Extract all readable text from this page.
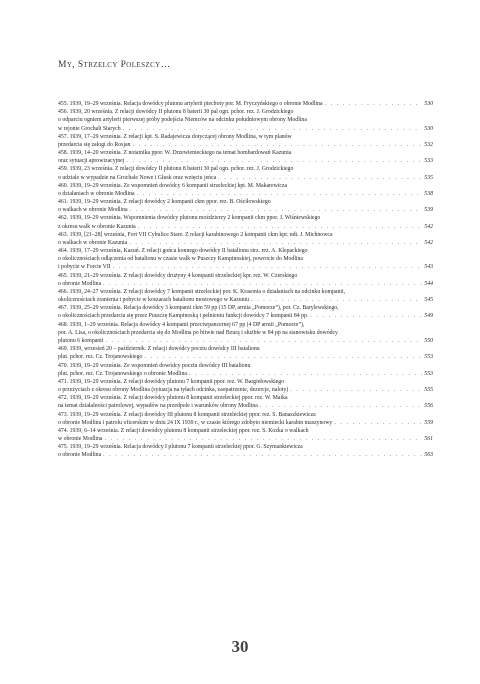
My, Strzelcy Poleszcy…
455. 1939, 19–29 września. Relacja dowódcy plutonu artylerii piechoty por. M. Fryczyńskiego o obronie Modlina . . .	530
456. 1939, 20 września. Z relacji dowódcy II plutonu 8 baterii 30 pal ogn. pchor. rez. J. Grodzickiego
o odparciu ogniem artylerii pierwszej próby podejścia Niemców na odcinku południowym obrony Modlina
w rejonie Grochali Starych . . .	530
457. 1939, 17–29 września. Z relacji kpt. S. Radajewicza dotyczącej obrony Modlina, w tym planów
przedarcia się załogi do Rosjan . . .	532
458. 1939, 14–20 września. Z notatnika ppor. W. Drzewienieckiego na temat bombardowań Kazunia
oraz sytuacji aprowizacyjnej . . .	533
459. 1939, 23 września. Z relacji dowódcy II plutonu 8 baterii 30 pal ogn. pchor. rez. J. Grodzickiego
o udziale w wypadzie na Grochale Nowe i Głusk oraz wzięciu jeńca . . .	535
460. 1939, 19–29 września. Ze wspomnień dowódcy 6 kompanii strzeleckiej kpt. M. Makarewicza
o działaniach w obronie Modlina . . .	538
461. 1939, 19–29 września. Z relacji dowódcy 2 kompanii ckm ppor. rez. B. Ościłowskiego
o walkach w obronie Modlina . . .	539
462. 1939, 19–29 września. Wspomnienia dowódcy plutonu moździerzy 2 kompanii ckm ppor. J. Wiśniewskiego
z okresu walk w obronie Kazunia . . .	542
463. 1939, [21–28] września, Fort VII Cybulice Stare. Z relacji karabinowego 2 kompanii ckm kpr. ndt. J. Michnowca
o walkach w obronie Kazunia . . .	542
464. 1939, 17–29 września, Kazuń. Z relacji gońca konnego dowódcy II batalionu strz. rez. A. Klepackiego
o okolicznościach odłączenia od batalionu w czasie walk w Puszczy Kampinoskiej, powrocie do Modlina
i pobycie w Forcie VII . . .	543
465. 1939, 21–29 września. Z relacji dowódcy drużyny 4 kompanii strzeleckiej kpr. rez. W. Czerskiego
o obronie Modlina . . .	544
466. 1939, 24–27 września. Z relacji dowódcy 7 kompanii strzeleckiej por. K. Krasonia o działaniach na odcinku kompanii,
okolicznościach zranienia i pobycie w koszarach batalionu mostowego w Kazuniu . . .	545
467. 1939, 25–29 września. Relacja dowódcy 3 kompanii ckm 59 pp (15 DP, armia „Pomorze”), por. Cz. Barylewskiego,
o okolicznościach przedarcia się przez Puszczę Kampinoską i pełnieniu funkcji dowódcy 7 kompanii 84 pp. . . .	549
468. 1939, 1–29 września. Relacja dowódcy 4 kompanii przeciwpancernej 67 pp (4 DP armii „Pomorze”),
por. A. Lisa, o okolicznościach przedarcia się do Modlina po bitwie nad Bzurą i służbie w 84 pp na stanowisku dowódcy
plutonu 6 kompanii . . .	550
469. 1939, wrzesień 20 – październik. Z relacji dowódcy pocztu dowódcy III batalionu
plut. pchor. rez. Cz. Trojanowskiego . . .	553
470. 1939, 19–29 września. Ze wspomnień dowódcy pocztu dowódcy III batalionu
plut. pchor. rez. Cz. Trojanowskiego o obronie Modlina . . .	553
471. 1939, 19–29 września. Z relacji dowódcy plutonu 7 kompanii ppor. rez. W. Bargiełowskiego
o przeżyciach z okresu obrony Modlina (sytuacja na tyłach odcinka, zaopatrzenie, dezercje, naloty) . . .	555
472. 1939, 19–29 września. Z relacji dowódcy plutonu 8 kompanii strzeleckiej ppor. rez. W. Maika
na temat działalności patrolowej, wypadów na przedpole i warunków obrony Modlina . . .	556
473. 1939, 19–29 września. Z relacji dowódcy III plutonu 8 kompanii strzeleckiej ppor. rez. S. Banaszkiewicza
o obronie Modlina i patrolu oficerskim w dniu 24 IX 1939 r., w czasie którego zdobyto niemiecki karabin maszynowy . . .	559
474. 1939, 6–14 września. Z relacji dowódcy plutonu 8 kompanii strzeleckiej ppor. rez. S. Kozka o walkach
w obronie Modlina . . .	561
475. 1939, 19–29 września. Relacja dowódcy I plutonu 7 kompanii strzeleckiej ppor. G. Szymankiewicza
o obronie Modlina . . .	563
30
